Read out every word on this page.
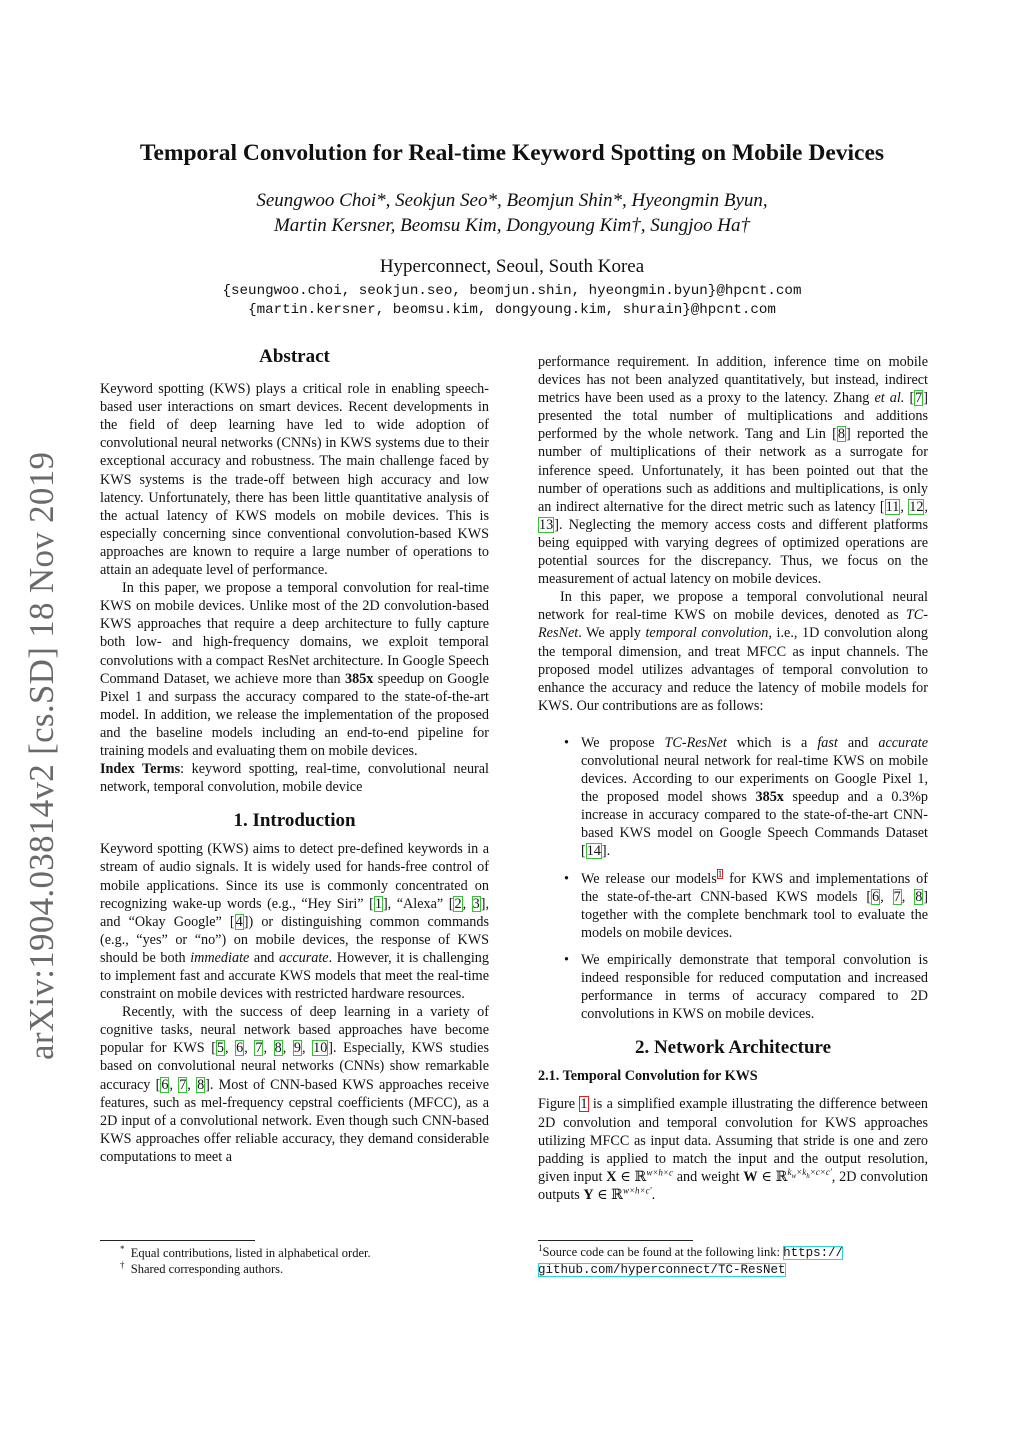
arXiv:1904.03814v2 [cs.SD] 18 Nov 2019
Temporal Convolution for Real-time Keyword Spotting on Mobile Devices
Seungwoo Choi*, Seokjun Seo*, Beomjun Shin*, Hyeongmin Byun,
Martin Kersner, Beomsu Kim, Dongyoung Kim†, Sungjoo Ha†
Hyperconnect, Seoul, South Korea
{seungwoo.choi, seokjun.seo, beomjun.shin, hyeongmin.byun}@hpcnt.com
{martin.kersner, beomsu.kim, dongyoung.kim, shurain}@hpcnt.com
Abstract

Keyword spotting (KWS) plays a critical role in enabling speech-based user interactions on smart devices. Recent developments in the field of deep learning have led to wide adoption of convolutional neural networks (CNNs) in KWS systems due to their exceptional accuracy and robustness. The main challenge faced by KWS systems is the trade-off between high accuracy and low latency. Unfortunately, there has been little quantitative analysis of the actual latency of KWS models on mobile devices. This is especially concerning since conventional convolution-based KWS approaches are known to require a large number of operations to attain an adequate level of performance.

In this paper, we propose a temporal convolution for real-time KWS on mobile devices. Unlike most of the 2D convolution-based KWS approaches that require a deep architecture to fully capture both low- and high-frequency domains, we exploit temporal convolutions with a compact ResNet architecture. In Google Speech Command Dataset, we achieve more than 385x speedup on Google Pixel 1 and surpass the accuracy compared to the state-of-the-art model. In addition, we release the implementation of the proposed and the baseline models including an end-to-end pipeline for training models and evaluating them on mobile devices.

Index Terms: keyword spotting, real-time, convolutional neural network, temporal convolution, mobile device

1. Introduction

Keyword spotting (KWS) aims to detect pre-defined keywords in a stream of audio signals. It is widely used for hands-free control of mobile applications. Since its use is commonly concentrated on recognizing wake-up words (e.g., “Hey Siri” [1], “Alexa” [2, 3], and “Okay Google” [4]) or distinguishing common commands (e.g., “yes” or “no”) on mobile devices, the response of KWS should be both immediate and accurate. However, it is challenging to implement fast and accurate KWS models that meet the real-time constraint on mobile devices with restricted hardware resources.

Recently, with the success of deep learning in a variety of cognitive tasks, neural network based approaches have become popular for KWS [5, 6, 7, 8, 9, 10]. Especially, KWS studies based on convolutional neural networks (CNNs) show remarkable accuracy [6, 7, 8]. Most of CNN-based KWS approaches receive features, such as mel-frequency cepstral coefficients (MFCC), as a 2D input of a convolutional network. Even though such CNN-based KWS approaches offer reliable accuracy, they demand considerable computations to meet a

* Equal contributions, listed in alphabetical order.
† Shared corresponding authors.

performance requirement. In addition, inference time on mobile devices has not been analyzed quantitatively, but instead, indirect metrics have been used as a proxy to the latency. Zhang et al. [7] presented the total number of multiplications and additions performed by the whole network. Tang and Lin [8] reported the number of multiplications of their network as a surrogate for inference speed. Unfortunately, it has been pointed out that the number of operations such as additions and multiplications, is only an indirect alternative for the direct metric such as latency [11, 12, 13]. Neglecting the memory access costs and different platforms being equipped with varying degrees of optimized operations are potential sources for the discrepancy. Thus, we focus on the measurement of actual latency on mobile devices.

In this paper, we propose a temporal convolutional neural network for real-time KWS on mobile devices, denoted as TC-ResNet. We apply temporal convolution, i.e., 1D convolution along the temporal dimension, and treat MFCC as input channels. The proposed model utilizes advantages of temporal convolution to enhance the accuracy and reduce the latency of mobile models for KWS. Our contributions are as follows:

• We propose TC-ResNet which is a fast and accurate convolutional neural network for real-time KWS on mobile devices. According to our experiments on Google Pixel 1, the proposed model shows 385x speedup and a 0.3%p increase in accuracy compared to the state-of-the-art CNN-based KWS model on Google Speech Commands Dataset [14].
• We release our models$^1$ for KWS and implementations of the state-of-the-art CNN-based KWS models [6, 7, 8] together with the complete benchmark tool to evaluate the models on mobile devices.
• We empirically demonstrate that temporal convolution is indeed responsible for reduced computation and increased performance in terms of accuracy compared to 2D convolutions in KWS on mobile devices.
2. Network Architecture
2.1. Temporal Convolution for KWS

Figure 1 is a simplified example illustrating the difference between 2D convolution and temporal convolution for KWS approaches utilizing MFCC as input data. Assuming that stride is one and zero padding is applied to match the input and the output resolution, given input X ∈ ℝ$^{w\times h\times c}$ and weight W ∈ ℝ$^{k_w\times k_h\times c\times c'}$, 2D convolution outputs Y ∈ ℝ$^{w\times h\times c'}$.

$^1$Source code can be found at the following link: https://
github.com/hyperconnect/TC-ResNet
